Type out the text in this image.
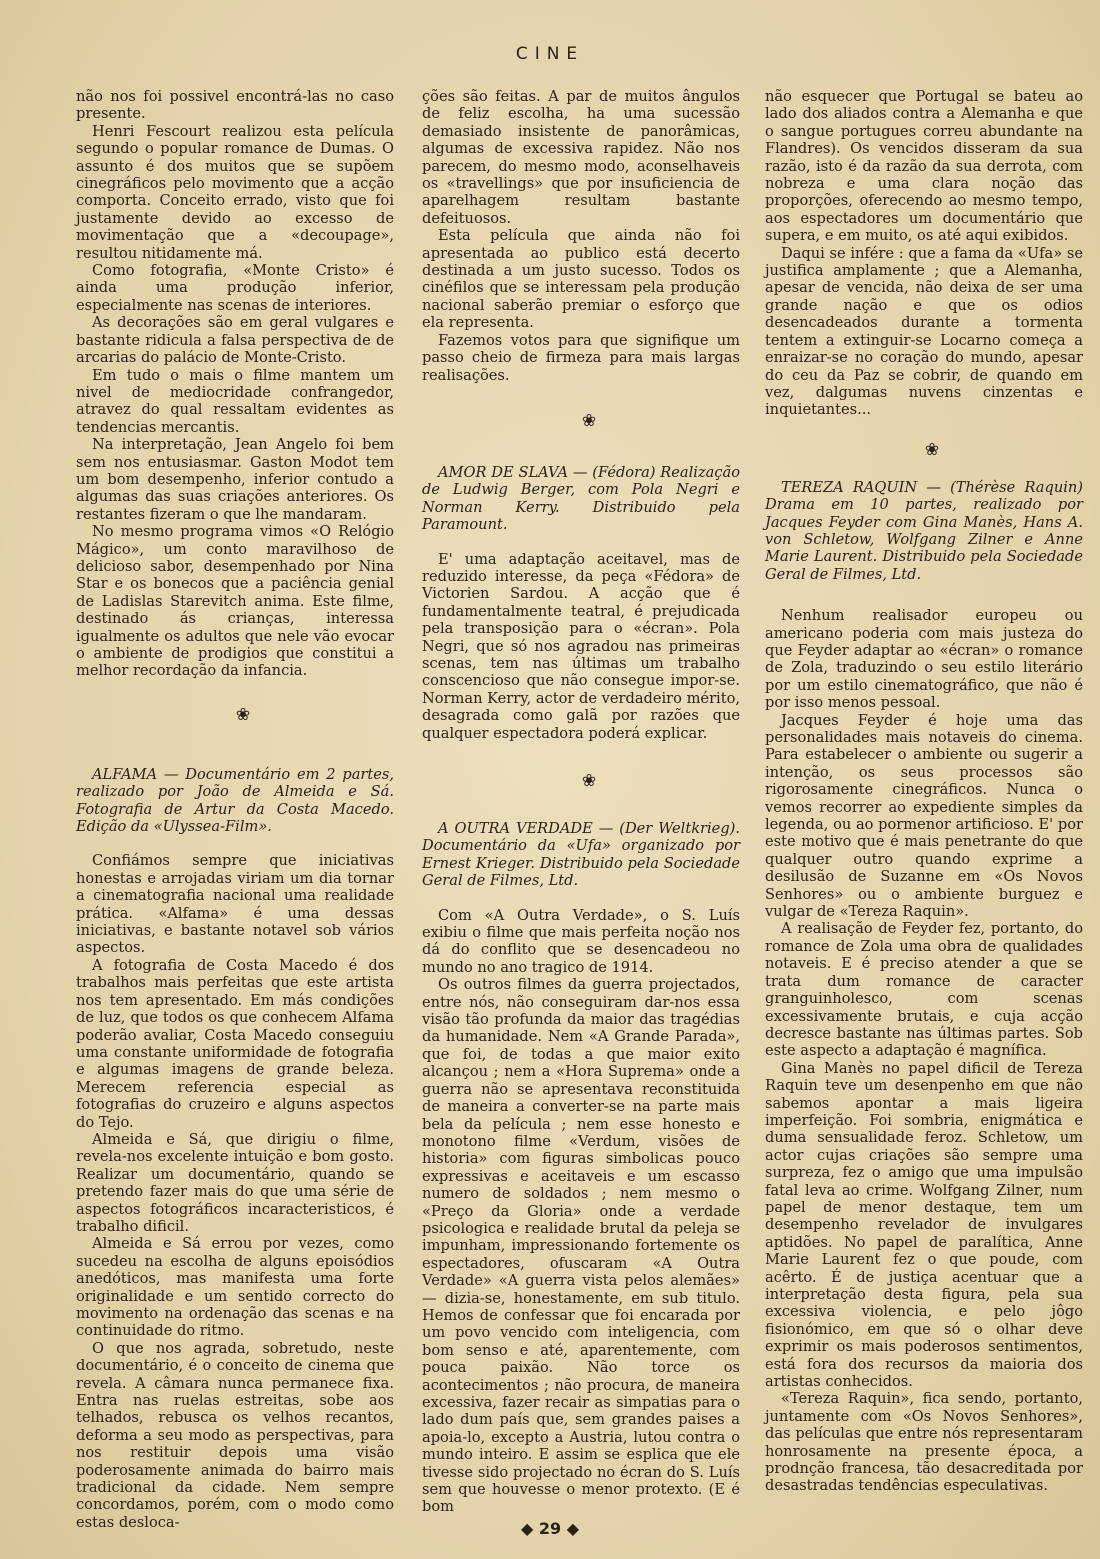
CINE

não nos foi possivel encontrá-las no caso presente.

Henri Fescourt realizou esta película segundo o popular romance de Dumas. O assunto é dos muitos que se supõem cinegráficos pelo movimento que a acção comporta. Conceito errado, visto que foi justamente devido ao excesso de movimentação que a «decoupage», resultou nitidamente má.

Como fotografia, «Monte Cristo» é ainda uma produção inferior, especialmente nas scenas de interiores.

As decorações são em geral vulgares e bastante ridicula a falsa perspectiva de de arcarias do palácio de Monte-Cristo.

Em tudo o mais o filme mantem um nivel de mediocridade confrangedor, atravez do qual ressaltam evidentes as tendencias mercantis.

Na interpretação, Jean Angelo foi bem sem nos entusiasmar. Gaston Modot tem um bom desempenho, inferior contudo a algumas das suas criações anteriores. Os restantes fizeram o que lhe mandaram.

No mesmo programa vimos «O Relógio Mágico», um conto maravilhoso de delicioso sabor, desempenhado por Nina Star e os bonecos que a paciência genial de Ladislas Starevitch anima. Este filme, destinado ás crianças, interessa igualmente os adultos que nele vão evocar o ambiente de prodigios que constitui a melhor recordação da infancia.

❀

ALFAMA — Documentário em 2 partes, realizado por João de Almeida e Sá. Fotografia de Artur da Costa Macedo. Edição da «Ulyssea-Film».

Confiámos sempre que iniciativas honestas e arrojadas viriam um dia tornar a cinematografia nacional uma realidade prática. «Alfama» é uma dessas iniciativas, e bastante notavel sob vários aspectos.

A fotografia de Costa Macedo é dos trabalhos mais perfeitas que este artista nos tem apresentado. Em más condições de luz, que todos os que conhecem Alfama poderão avaliar, Costa Macedo conseguiu uma constante uniformidade de fotografia e algumas imagens de grande beleza. Merecem referencia especial as fotografias do cruzeiro e alguns aspectos do Tejo.

Almeida e Sá, que dirigiu o filme, revela-nos excelente intuição e bom gosto. Realizar um documentário, quando se pretendo fazer mais do que uma série de aspectos fotográficos incaracteristicos, é trabalho dificil.

Almeida e Sá errou por vezes, como sucedeu na escolha de alguns epoisódios anedóticos, mas manifesta uma forte originalidade e um sentido correcto do movimento na ordenação das scenas e na continuidade do ritmo.

O que nos agrada, sobretudo, neste documentário, é o conceito de cinema que revela. A câmara nunca permanece fixa. Entra nas ruelas estreitas, sobe aos telhados, rebusca os velhos recantos, deforma a seu modo as perspectivas, para nos restituir depois uma visão poderosamente animada do bairro mais tradicional da cidade. Nem sempre concordamos, porém, com o modo como estas desloca-

ções são feitas. A par de muitos ângulos de feliz escolha, ha uma sucessão demasiado insistente de panorâmicas, algumas de excessiva rapidez. Não nos parecem, do mesmo modo, aconselhaveis os «travellings» que por insuficiencia de aparelhagem resultam bastante defeituosos.

Esta película que ainda não foi apresentada ao publico está decerto destinada a um justo sucesso. Todos os cinéfilos que se interessam pela produção nacional saberão premiar o esforço que ela representa.

Fazemos votos para que signifique um passo cheio de firmeza para mais largas realisações.

❀

AMOR DE SLAVA — (Fédora) Realização de Ludwig Berger, com Pola Negri e Norman Kerry. Distribuido pela Paramount.

E' uma adaptação aceitavel, mas de reduzido interesse, da peça «Fédora» de Victorien Sardou. A acção que é fundamentalmente teatral, é prejudicada pela transposição para o «écran». Pola Negri, que só nos agradou nas primeiras scenas, tem nas últimas um trabalho conscencioso que não consegue impor-se. Norman Kerry, actor de verdadeiro mérito, desagrada como galã por razões que qualquer espectadora poderá explicar.

❀

A OUTRA VERDADE — (Der Weltkrieg). Documentário da «Ufa» organizado por Ernest Krieger. Distribuido pela Sociedade Geral de Filmes, Ltd.

Com «A Outra Verdade», o S. Luís exibiu o filme que mais perfeita noção nos dá do conflito que se desencadeou no mundo no ano tragico de 1914.

Os outros filmes da guerra projectados, entre nós, não conseguiram dar-nos essa visão tão profunda da maior das tragédias da humanidade. Nem «A Grande Parada», que foi, de todas a que maior exito alcançou ; nem a «Hora Suprema» onde a guerra não se apresentava reconstituida de maneira a converter-se na parte mais bela da película ; nem esse honesto e monotono filme «Verdum, visões de historia» com figuras simbolicas pouco expressivas e aceitaveis e um escasso numero de soldados ; nem mesmo o «Preço da Gloria» onde a verdade psicologica e realidade brutal da peleja se impunham, impressionando fortemente os espectadores, ofuscaram «A Outra Verdade» «A guerra vista pelos alemães» — dizia-se, honestamente, em sub titulo. Hemos de confessar que foi encarada por um povo vencido com inteligencia, com bom senso e até, aparentemente, com pouca paixão. Não torce os acontecimentos ; não procura, de maneira excessiva, fazer recair as simpatias para o lado dum país que, sem grandes paises a apoia-lo, excepto a Austria, lutou contra o mundo inteiro. E assim se esplica que ele tivesse sido projectado no écran do S. Luís sem que houvesse o menor protexto. (E é bom

não esquecer que Portugal se bateu ao lado dos aliados contra a Alemanha e que o sangue portugues correu abundante na Flandres). Os vencidos disseram da sua razão, isto é da razão da sua derrota, com nobreza e uma clara noção das proporções, oferecendo ao mesmo tempo, aos espectadores um documentário que supera, e em muito, os até aqui exibidos.

Daqui se infére : que a fama da «Ufa» se justifica amplamente ; que a Alemanha, apesar de vencida, não deixa de ser uma grande nação e que os odios desencadeados durante a tormenta tentem a extinguir-se Locarno começa a enraizar-se no coração do mundo, apesar do ceu da Paz se cobrir, de quando em vez, dalgumas nuvens cinzentas e inquietantes...

❀

TEREZA RAQUIN — (Thérèse Raquin) Drama em 10 partes, realizado por Jacques Feyder com Gina Manès, Hans A. von Schletow, Wolfgang Zilner e Anne Marie Laurent. Distribuido pela Sociedade Geral de Filmes, Ltd.

Nenhum realisador europeu ou americano poderia com mais justeza do que Feyder adaptar ao «écran» o romance de Zola, traduzindo o seu estilo literário por um estilo cinematográfico, que não é por isso menos pessoal.

Jacques Feyder é hoje uma das personalidades mais notaveis do cinema. Para estabelecer o ambiente ou sugerir a intenção, os seus processos são rigorosamente cinegráficos. Nunca o vemos recorrer ao expediente simples da legenda, ou ao pormenor artificioso. E' por este motivo que é mais penetrante do que qualquer outro quando exprime a desilusão de Suzanne em «Os Novos Senhores» ou o ambiente burguez e vulgar de «Tereza Raquin».

A realisação de Feyder fez, portanto, do romance de Zola uma obra de qualidades notaveis. E é preciso atender a que se trata dum romance de caracter granguinholesco, com scenas excessivamente brutais, e cuja acção decresce bastante nas últimas partes. Sob este aspecto a adaptação é magnífica.

Gina Manès no papel dificil de Tereza Raquin teve um desenpenho em que não sabemos apontar a mais ligeira imperfeição. Foi sombria, enigmática e duma sensualidade feroz. Schletow, um actor cujas criações são sempre uma surpreza, fez o amigo que uma impulsão fatal leva ao crime. Wolfgang Zilner, num papel de menor destaque, tem um desempenho revelador de invulgares aptidões. No papel de paralítica, Anne Marie Laurent fez o que poude, com acêrto. É de justiça acentuar que a interpretação desta figura, pela sua excessiva violencia, e pelo jôgo fisionómico, em que só o olhar deve exprimir os mais poderosos sentimentos, está fora dos recursos da maioria dos artistas conhecidos.

«Tereza Raquin», fica sendo, portanto, juntamente com «Os Novos Senhores», das películas que entre nós representaram honrosamente na presente época, a prodnção francesa, tão desacreditada por desastradas tendências especulativas.

◆ 29 ◆
